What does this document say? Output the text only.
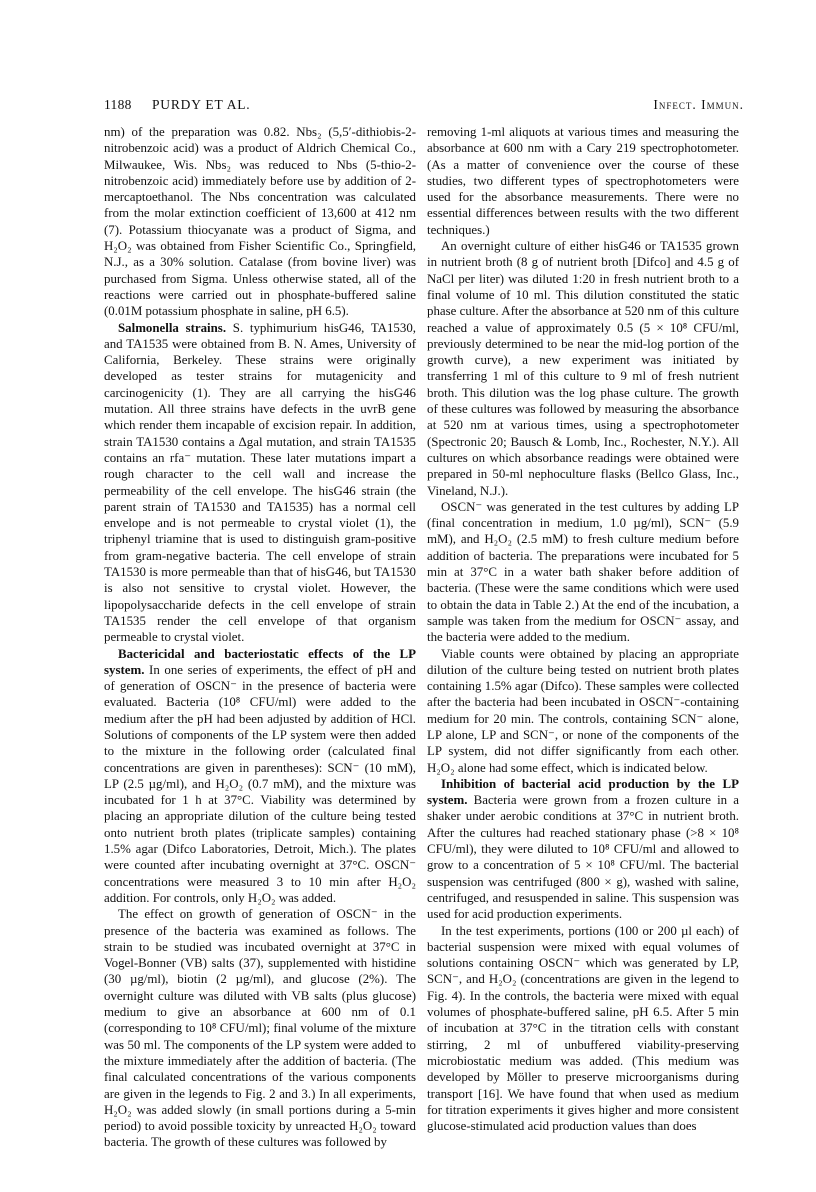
1188 PURDY ET AL.	Infect. Immun.

nm) of the preparation was 0.82. Nbs₂ (5,5′-dithiobis-2-nitrobenzoic acid) was a product of Aldrich Chemical Co., Milwaukee, Wis. Nbs₂ was reduced to Nbs (5-thio-2-nitrobenzoic acid) immediately before use by addition of 2-mercaptoethanol. The Nbs concentration was calculated from the molar extinction coefficient of 13,600 at 412 nm (7). Potassium thiocyanate was a product of Sigma, and H₂O₂ was obtained from Fisher Scientific Co., Springfield, N.J., as a 30% solution. Catalase (from bovine liver) was purchased from Sigma. Unless otherwise stated, all of the reactions were carried out in phosphate-buffered saline (0.01M potassium phosphate in saline, pH 6.5).

Salmonella strains. S. typhimurium hisG46, TA1530, and TA1535 were obtained from B. N. Ames, University of California, Berkeley. These strains were originally developed as tester strains for mutagenicity and carcinogenicity (1). They are all carrying the hisG46 mutation. All three strains have defects in the uvrB gene which render them incapable of excision repair. In addition, strain TA1530 contains a Δgal mutation, and strain TA1535 contains an rfa⁻ mutation. These later mutations impart a rough character to the cell wall and increase the permeability of the cell envelope. The hisG46 strain (the parent strain of TA1530 and TA1535) has a normal cell envelope and is not permeable to crystal violet (1), the triphenyl triamine that is used to distinguish gram-positive from gram-negative bacteria. The cell envelope of strain TA1530 is more permeable than that of hisG46, but TA1530 is also not sensitive to crystal violet. However, the lipopolysaccharide defects in the cell envelope of strain TA1535 render the cell envelope of that organism permeable to crystal violet.

Bactericidal and bacteriostatic effects of the LP system. In one series of experiments, the effect of pH and of generation of OSCN⁻ in the presence of bacteria were evaluated. Bacteria (10⁸ CFU/ml) were added to the medium after the pH had been adjusted by addition of HCl. Solutions of components of the LP system were then added to the mixture in the following order (calculated final concentrations are given in parentheses): SCN⁻ (10 mM), LP (2.5 µg/ml), and H₂O₂ (0.7 mM), and the mixture was incubated for 1 h at 37°C. Viability was determined by placing an appropriate dilution of the culture being tested onto nutrient broth plates (triplicate samples) containing 1.5% agar (Difco Laboratories, Detroit, Mich.). The plates were counted after incubating overnight at 37°C. OSCN⁻ concentrations were measured 3 to 10 min after H₂O₂ addition. For controls, only H₂O₂ was added.

The effect on growth of generation of OSCN⁻ in the presence of the bacteria was examined as follows. The strain to be studied was incubated overnight at 37°C in Vogel-Bonner (VB) salts (37), supplemented with histidine (30 µg/ml), biotin (2 µg/ml), and glucose (2%). The overnight culture was diluted with VB salts (plus glucose) medium to give an absorbance at 600 nm of 0.1 (corresponding to 10⁸ CFU/ml); final volume of the mixture was 50 ml. The components of the LP system were added to the mixture immediately after the addition of bacteria. (The final calculated concentrations of the various components are given in the legends to Fig. 2 and 3.) In all experiments, H₂O₂ was added slowly (in small portions during a 5-min period) to avoid possible toxicity by unreacted H₂O₂ toward bacteria. The growth of these cultures was followed by

removing 1-ml aliquots at various times and measuring the absorbance at 600 nm with a Cary 219 spectrophotometer. (As a matter of convenience over the course of these studies, two different types of spectrophotometers were used for the absorbance measurements. There were no essential differences between results with the two different techniques.)

An overnight culture of either hisG46 or TA1535 grown in nutrient broth (8 g of nutrient broth [Difco] and 4.5 g of NaCl per liter) was diluted 1:20 in fresh nutrient broth to a final volume of 10 ml. This dilution constituted the static phase culture. After the absorbance at 520 nm of this culture reached a value of approximately 0.5 (5 × 10⁸ CFU/ml, previously determined to be near the mid-log portion of the growth curve), a new experiment was initiated by transferring 1 ml of this culture to 9 ml of fresh nutrient broth. This dilution was the log phase culture. The growth of these cultures was followed by measuring the absorbance at 520 nm at various times, using a spectrophotometer (Spectronic 20; Bausch & Lomb, Inc., Rochester, N.Y.). All cultures on which absorbance readings were obtained were prepared in 50-ml nephoculture flasks (Bellco Glass, Inc., Vineland, N.J.).

OSCN⁻ was generated in the test cultures by adding LP (final concentration in medium, 1.0 µg/ml), SCN⁻ (5.9 mM), and H₂O₂ (2.5 mM) to fresh culture medium before addition of bacteria. The preparations were incubated for 5 min at 37°C in a water bath shaker before addition of bacteria. (These were the same conditions which were used to obtain the data in Table 2.) At the end of the incubation, a sample was taken from the medium for OSCN⁻ assay, and the bacteria were added to the medium.

Viable counts were obtained by placing an appropriate dilution of the culture being tested on nutrient broth plates containing 1.5% agar (Difco). These samples were collected after the bacteria had been incubated in OSCN⁻-containing medium for 20 min. The controls, containing SCN⁻ alone, LP alone, LP and SCN⁻, or none of the components of the LP system, did not differ significantly from each other. H₂O₂ alone had some effect, which is indicated below.

Inhibition of bacterial acid production by the LP system. Bacteria were grown from a frozen culture in a shaker under aerobic conditions at 37°C in nutrient broth. After the cultures had reached stationary phase (>8 × 10⁸ CFU/ml), they were diluted to 10⁸ CFU/ml and allowed to grow to a concentration of 5 × 10⁸ CFU/ml. The bacterial suspension was centrifuged (800 × g), washed with saline, centrifuged, and resuspended in saline. This suspension was used for acid production experiments.

In the test experiments, portions (100 or 200 µl each) of bacterial suspension were mixed with equal volumes of solutions containing OSCN⁻ which was generated by LP, SCN⁻, and H₂O₂ (concentrations are given in the legend to Fig. 4). In the controls, the bacteria were mixed with equal volumes of phosphate-buffered saline, pH 6.5. After 5 min of incubation at 37°C in the titration cells with constant stirring, 2 ml of unbuffered viability-preserving microbiostatic medium was added. (This medium was developed by Möller to preserve microorganisms during transport [16]. We have found that when used as medium for titration experiments it gives higher and more consistent glucose-stimulated acid production values than does
